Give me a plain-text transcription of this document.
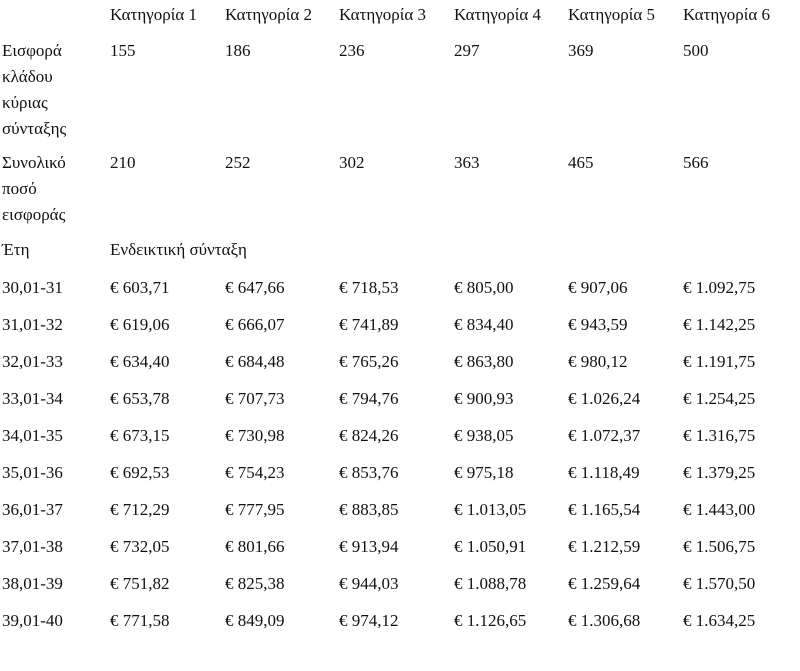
Κατηγορία 1 Κατηγορία 2 Κατηγορία 3 Κατηγορία 4 Κατηγορία 5 Κατηγορία 6
Εισφορά
κλάδου
κύριας
σύνταξης
155	186	236	297	369	500
Συνολικό
ποσό
εισφοράς
210	252	302	363	465	566
Έτη	Ενδεικτική σύνταξη
30,01-31	€ 603,71	€ 647,66	€ 718,53	€ 805,00	€ 907,06	€ 1.092,75
31,01-32	€ 619,06	€ 666,07	€ 741,89	€ 834,40	€ 943,59	€ 1.142,25
32,01-33	€ 634,40	€ 684,48	€ 765,26	€ 863,80	€ 980,12	€ 1.191,75
33,01-34	€ 653,78	€ 707,73	€ 794,76	€ 900,93	€ 1.026,24	€ 1.254,25
34,01-35	€ 673,15	€ 730,98	€ 824,26	€ 938,05	€ 1.072,37	€ 1.316,75
35,01-36	€ 692,53	€ 754,23	€ 853,76	€ 975,18	€ 1.118,49	€ 1.379,25
36,01-37	€ 712,29	€ 777,95	€ 883,85	€ 1.013,05 € 1.165,54	€ 1.443,00
37,01-38	€ 732,05	€ 801,66	€ 913,94	€ 1.050,91 € 1.212,59	€ 1.506,75
38,01-39	€ 751,82	€ 825,38	€ 944,03	€ 1.088,78 € 1.259,64	€ 1.570,50
39,01-40	€ 771,58	€ 849,09	€ 974,12	€ 1.126,65 € 1.306,68	€ 1.634,25
